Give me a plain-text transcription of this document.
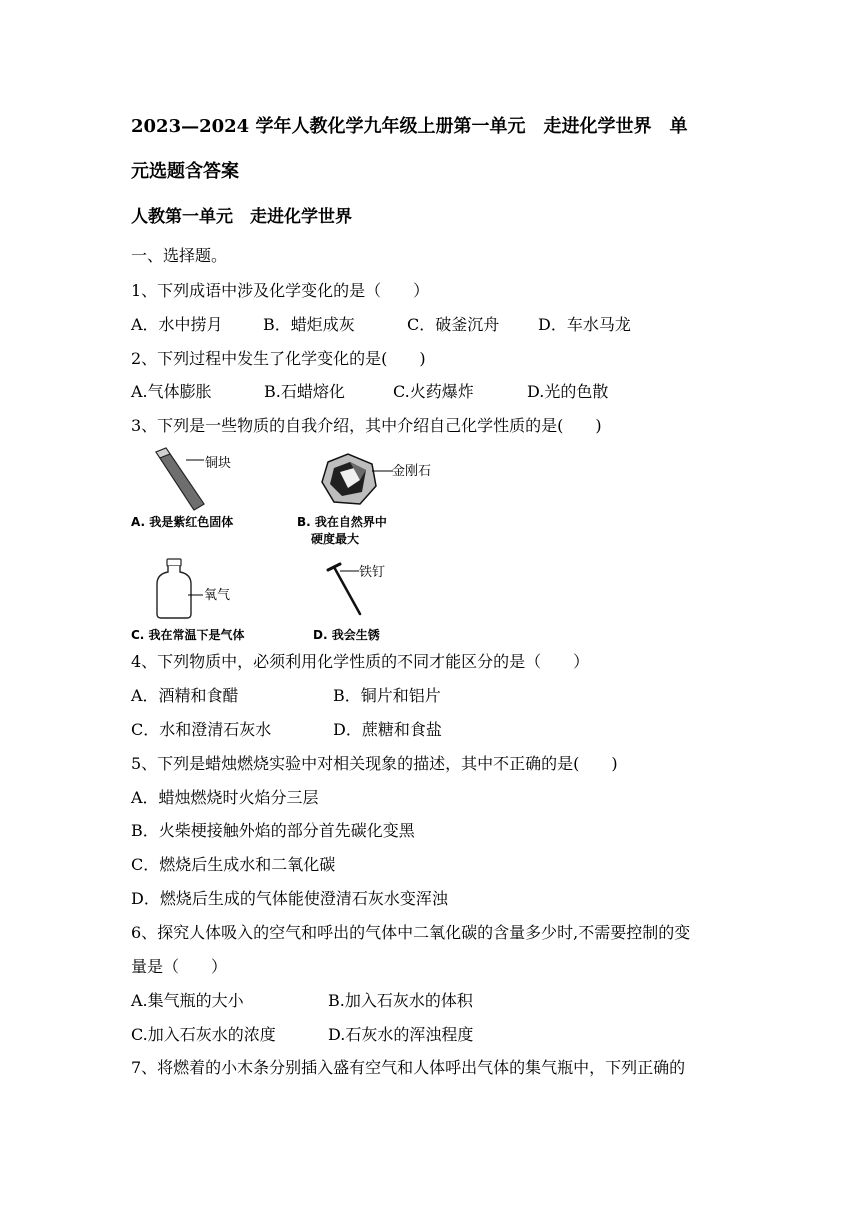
2023—2024 学年人教化学九年级上册第一单元　走进化学世界　单
元选题含答案
人教第一单元　走进化学世界
一、选择题。
1、下列成语中涉及化学变化的是（　　）
A．水中捞月	B．蜡炬成灰	C．破釜沉舟 D．车水马龙
2、下列过程中发生了化学变化的是(　　)
A.气体膨胀	B.石蜡熔化	C.火药爆炸	D.光的色散
3、下列是一些物质的自我介绍，其中介绍自己化学性质的是(　　)
铜块
A. 我是紫红色固体
金刚石
B. 我在自然界中
硬度最大
氧气
C. 我在常温下是气体
铁钉
D. 我会生锈
4、下列物质中，必须利用化学性质的不同才能区分的是（　　）
A．酒精和食醋	B．铜片和铝片
C．水和澄清石灰水	D．蔗糖和食盐
5、下列是蜡烛燃烧实验中对相关现象的描述，其中不正确的是(　　)
A．蜡烛燃烧时火焰分三层
B．火柴梗接触外焰的部分首先碳化变黑
C．燃烧后生成水和二氧化碳
D．燃烧后生成的气体能使澄清石灰水变浑浊
6、探究人体吸入的空气和呼出的气体中二氧化碳的含量多少时,不需要控制的变
量是（　　）
A.集气瓶的大小	B.加入石灰水的体积
C.加入石灰水的浓度	D.石灰水的浑浊程度
7、将燃着的小木条分别插入盛有空气和人体呼出气体的集气瓶中，下列正确的
